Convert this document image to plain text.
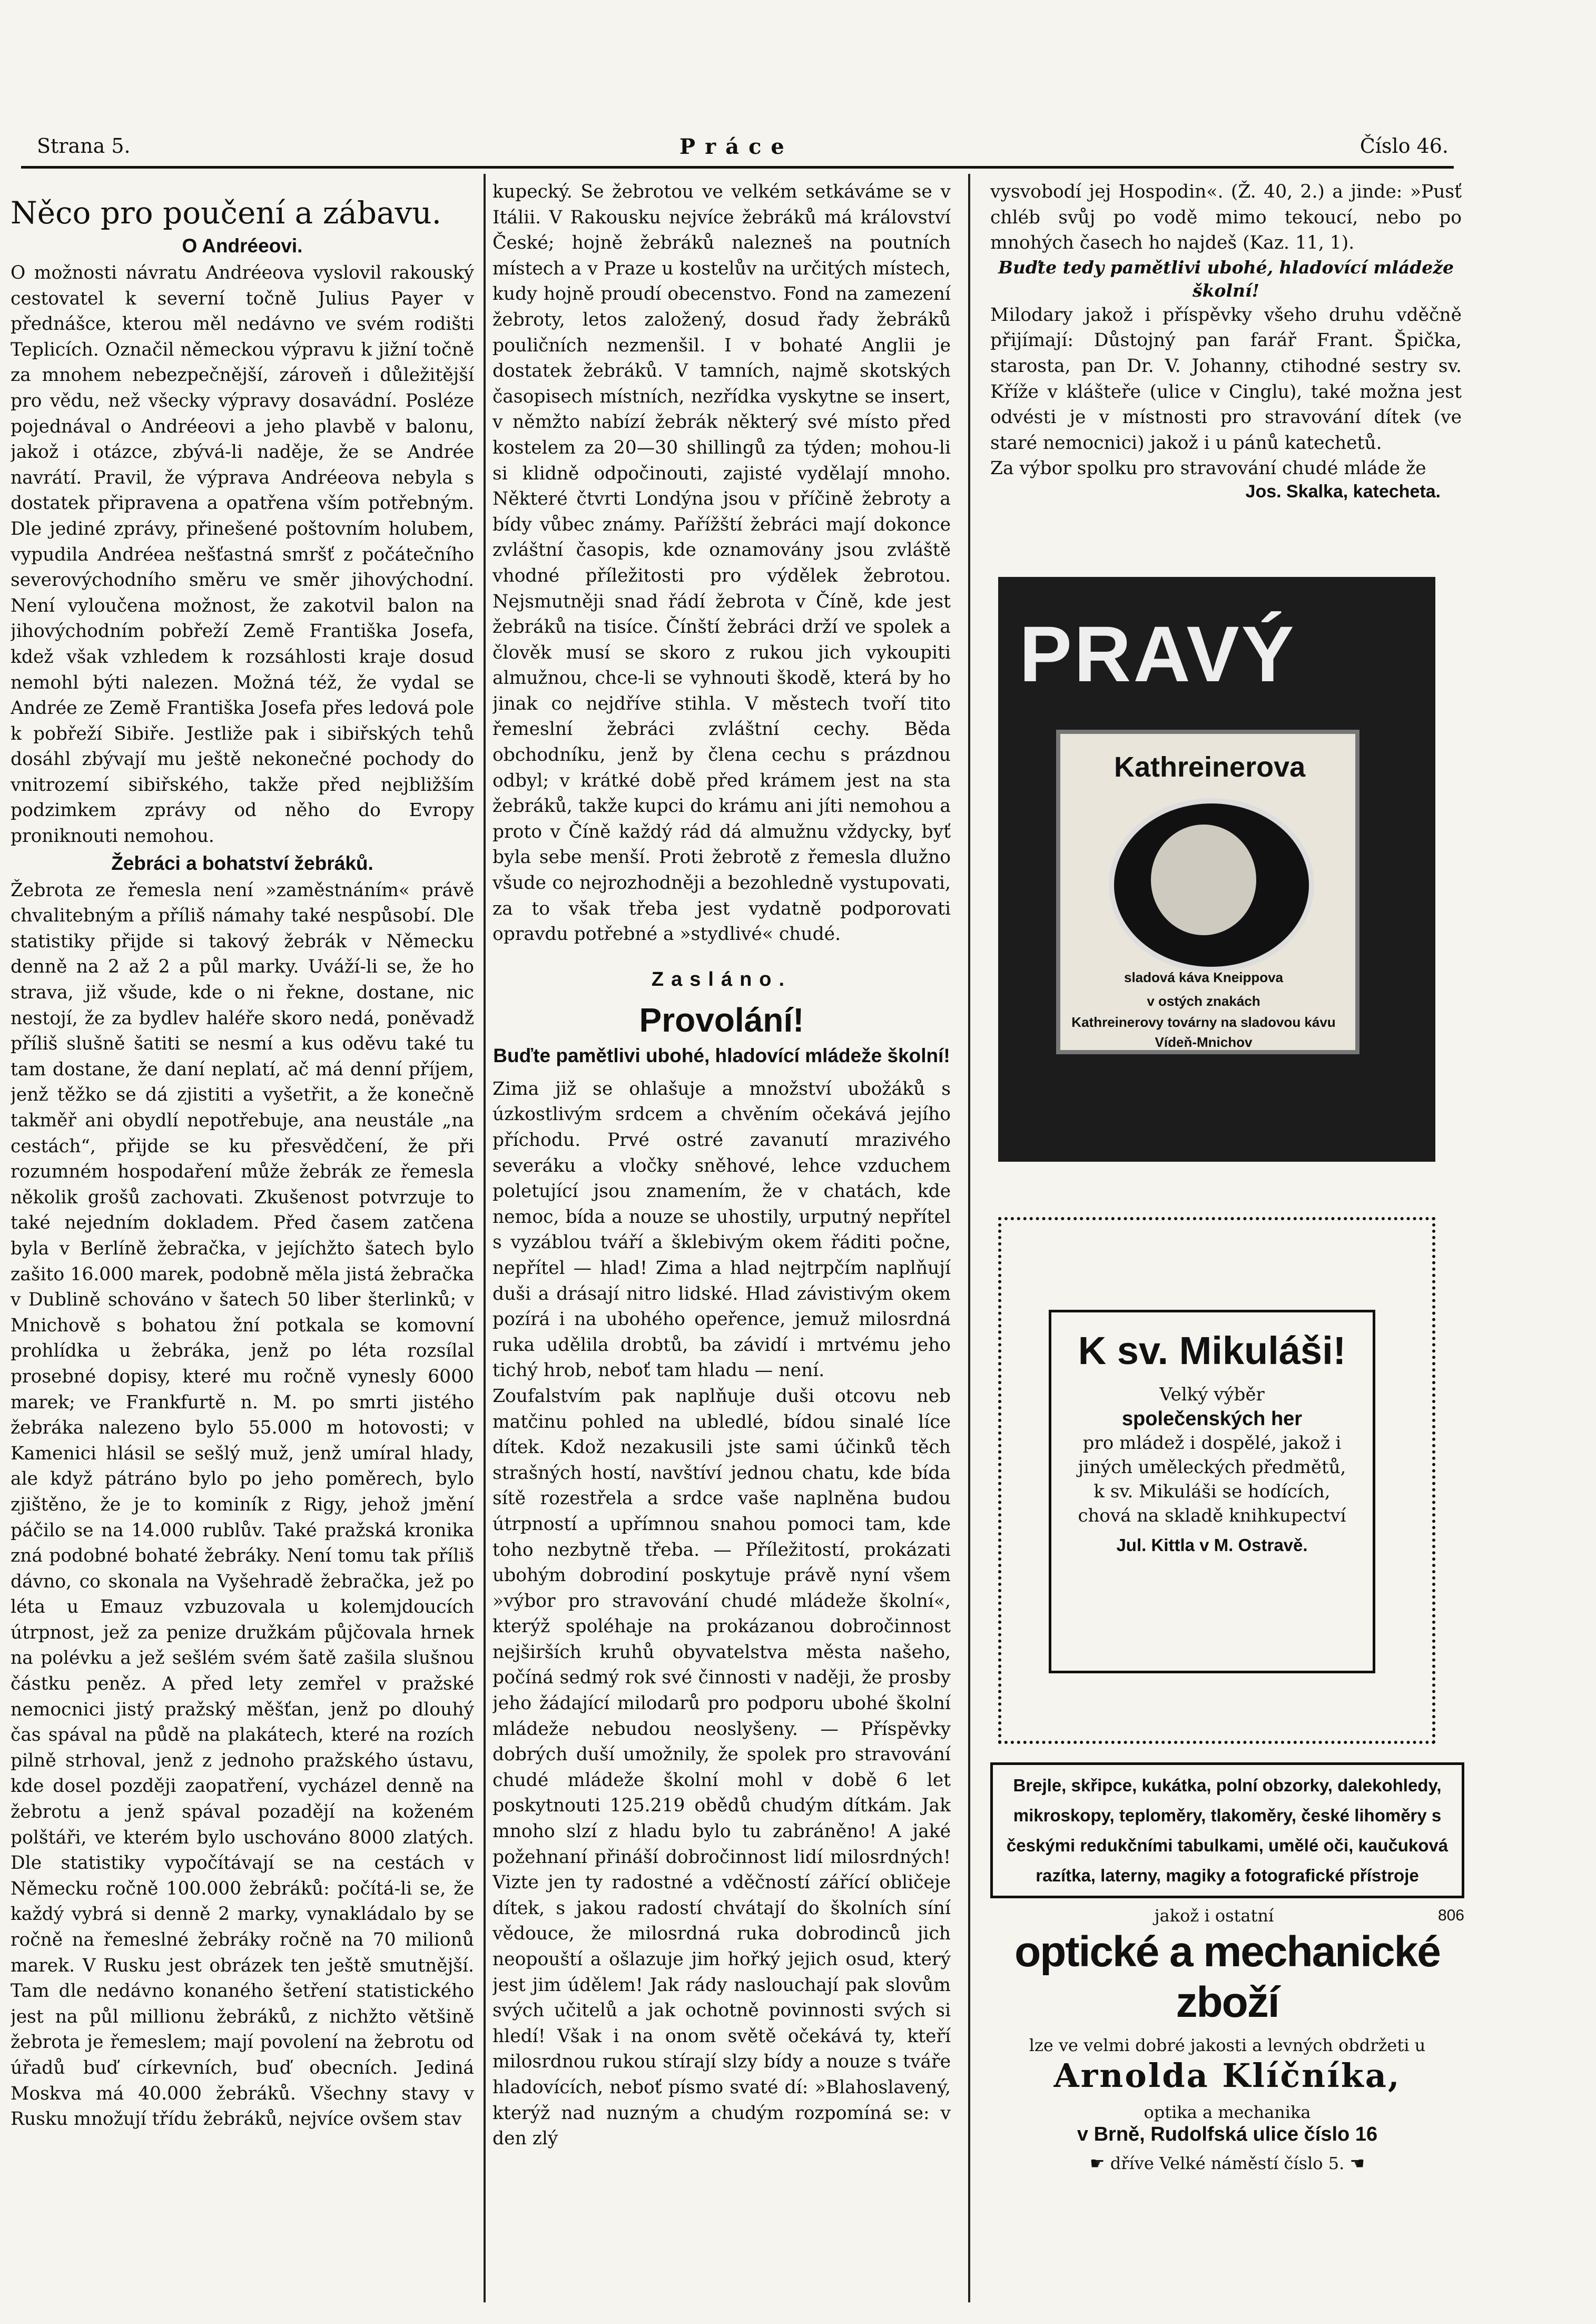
Strana 5.	Práce	Číslo 46.
Něco pro poučení a zábavu.
O Andréeovi.

O možnosti návratu Andréeova vyslovil rakouský cestovatel k severní točně Julius Payer v přednášce, kterou měl nedávno ve svém rodišti Teplicích. Označil německou výpravu k jižní točně za mnohem nebezpečnější, zároveň i důležitější pro vědu, než všecky výpravy dosavádní. Posléze pojednával o Andréeovi a jeho plavbě v balonu, jakož i otázce, zbývá-li naděje, že se Andrée navrátí. Pravil, že výprava Andréeova nebyla s dostatek připravena a opatřena vším potřebným. Dle jediné zprávy, přinešené poštovním holubem, vypudila Andréea nešťastná smršť z počátečního severovýchodního směru ve směr jihovýchodní. Není vyloučena možnost, že zakotvil balon na jihovýchodním pobřeží Země Františka Josefa, kdež však vzhledem k rozsáhlosti kraje dosud nemohl býti nalezen. Možná též, že vydal se Andrée ze Země Františka Josefa přes ledová pole k pobřeží Sibiře. Jestliže pak i sibiřských tehů dosáhl zbývají mu ještě nekonečné pochody do vnitrozemí sibiřského, takže před nejbližším podzimkem zprávy od něho do Evropy proniknouti nemohou.

Žebráci a bohatství žebráků.

Žebrota ze řemesla není »zaměstnáním« právě chvalitebným a příliš námahy také nespůsobí. Dle statistiky přijde si takový žebrák v Německu denně na 2 až 2 a půl marky. Uváží-li se, že ho strava, již všude, kde o ni řekne, dostane, nic nestojí, že za bydlev haléře skoro nedá, poněvadž příliš slušně šatiti se nesmí a kus oděvu také tu tam dostane, že daní neplatí, ač má denní příjem, jenž těžko se dá zjistiti a vyšetřit, a že konečně takměř ani obydlí nepotřebuje, ana neustále „na cestách“, přijde se ku přesvědčení, že při rozumném hospodaření může žebrák ze řemesla několik grošů zachovati. Zkušenost potvrzuje to také nejedním dokladem. Před časem zatčena byla v Berlíně žebračka, v jejíchžto šatech bylo zašito 16.000 marek, podobně měla jistá žebračka v Dublině schováno v šatech 50 liber šterlinků; v Mnichově s bohatou žní potkala se komovní prohlídka u žebráka, jenž po léta rozsílal prosebné dopisy, které mu ročně vynesly 6000 marek; ve Frankfurtě n. M. po smrti jistého žebráka nalezeno bylo 55.000 m hotovosti; v Kamenici hlásil se sešlý muž, jenž umíral hlady, ale když pátráno bylo po jeho poměrech, bylo zjištěno, že je to kominík z Rigy, jehož jmění páčilo se na 14.000 rublův. Také pražská kronika zná podobné bohaté žebráky. Není tomu tak příliš dávno, co skonala na Vyšehradě žebračka, jež po léta u Emauz vzbuzovala u kolemjdoucích útrpnost, jež za penize družkám půjčovala hrnek na polévku a jež sešlém svém šatě zašila slušnou částku peněz. A před lety zemřel v pražské nemocnici jistý pražský měšťan, jenž po dlouhý čas spával na půdě na plakátech, které na rozích pilně strhoval, jenž z jednoho pražského ústavu, kde dosel později zaopatření, vycházel denně na žebrotu a jenž spával pozadějí na koženém polštáři, ve kterém bylo uschováno 8000 zlatých. Dle statistiky vypočítávají se na cestách v Německu ročně 100.000 žebráků: počítá-li se, že každý vybrá si denně 2 marky, vynakládalo by se ročně na řemeslné žebráky ročně na 70 milionů marek. V Rusku jest obrázek ten ještě smutnější. Tam dle nedávno konaného šetření statistického jest na půl millionu žebráků, z nichžto většině žebrota je řemeslem; mají povolení na žebrotu od úřadů buď církevních, buď obecních. Jediná Moskva má 40.000 žebráků. Všechny stavy v Rusku množují třídu žebráků, nejvíce ovšem stav

kupecký. Se žebrotou ve velkém setkáváme se v Itálii. V Rakousku nejvíce žebráků má království České; hojně žebráků nalezneš na poutních místech a v Praze u kostelův na určitých místech, kudy hojně proudí obecenstvo. Fond na zamezení žebroty, letos založený, dosud řady žebráků pouličních nezmenšil. I v bohaté Anglii je dostatek žebráků. V tamních, najmě skotských časopisech místních, nezřídka vyskytne se insert, v němžto nabízí žebrák některý své místo před kostelem za 20—30 shillingů za týden; mohou-li si klidně odpočinouti, zajisté vydělají mnoho. Některé čtvrti Londýna jsou v příčině žebroty a bídy vůbec známy. Pařížští žebráci mají dokonce zvláštní časopis, kde oznamovány jsou zvláště vhodné příležitosti pro výdělek žebrotou. Nejsmutněji snad řádí žebrota v Číně, kde jest žebráků na tisíce. Čínští žebráci drží ve spolek a člověk musí se skoro z rukou jich vykoupiti almužnou, chce-li se vyhnouti škodě, která by ho jinak co nejdříve stihla. V městech tvoří tito řemeslní žebráci zvláštní cechy. Běda obchodníku, jenž by člena cechu s prázdnou odbyl; v krátké době před krámem jest na sta žebráků, takže kupci do krámu ani jíti nemohou a proto v Číně každý rád dá almužnu vždycky, byť byla sebe menší. Proti žebrotě z řemesla dlužno všude co nejrozhodněji a bezohledně vystupovati, za to však třeba jest vydatně podporovati opravdu potřebné a »stydlivé« chudé.

Zasláno.
Provolání!
Buďte pamětlivi ubohé, hladovící mládeže školní!

Zima již se ohlašuje a množství ubožáků s úzkostlivým srdcem a chvěním očekává jejího příchodu. Prvé ostré zavanutí mrazivého severáku a vločky sněhové, lehce vzduchem poletující jsou znamením, že v chatách, kde nemoc, bída a nouze se uhostily, urputný nepřítel s vyzáblou tváří a šklebivým okem řáditi počne, nepřítel — hlad! Zima a hlad nejtrpčím naplňují duši a drásají nitro lidské. Hlad závistivým okem pozírá i na ubohého opeřence, jemuž milosrdná ruka udělila drobtů, ba závidí i mrtvému jeho tichý hrob, neboť tam hladu — není.

Zoufalstvím pak naplňuje duši otcovu neb matčinu pohled na ubledlé, bídou sinalé líce dítek. Kdož nezakusili jste sami účinků těch strašných hostí, navštíví jednou chatu, kde bída sítě rozestřela a srdce vaše naplněna budou útrpností a upřímnou snahou pomoci tam, kde toho nezbytně třeba. — Příležitostí, prokázati ubohým dobrodiní poskytuje právě nyní všem »výbor pro stravování chudé mládeže školní«, kterýž spoléhaje na prokázanou dobročinnost nejširších kruhů obyvatelstva města našeho, počíná sedmý rok své činnosti v naději, že prosby jeho žádající milodarů pro podporu ubohé školní mládeže nebudou neoslyšeny. — Příspěvky dobrých duší umožnily, že spolek pro stravování chudé mládeže školní mohl v době 6 let poskytnouti 125.219 obědů chudým dítkám. Jak mnoho slzí z hladu bylo tu zabráněno! A jaké požehnaní přináší dobročinnost lidí milosrdných! Vizte jen ty radostné a vděčností zářící obličeje dítek, s jakou radostí chvátají do školních síní vědouce, že milosrdná ruka dobrodinců jich neopouští a ošlazuje jim hořký jejich osud, který jest jim údělem! Jak rády naslouchají pak slovům svých učitelů a jak ochotně povinnosti svých si hledí! Však i na onom světě očekává ty, kteří milosrdnou rukou stírají slzy bídy a nouze s tváře hladovících, neboť písmo svaté dí: »Blahoslavený, kterýž nad nuzným a chudým rozpomíná se: v den zlý

vysvobodí jej Hospodin«. (Ž. 40, 2.) a jinde: »Pusť chléb svůj po vodě mimo tekoucí, nebo po mnohých časech ho najdeš (Kaz. 11, 1).

Buďte tedy pamětlivi ubohé, hladovící mládeže školní!

Milodary jakož i příspěvky všeho druhu vděčně přijímají: Důstojný pan farář Frant. Špička, starosta, pan Dr. V. Johanny, ctihodné sestry sv. Kříže v klášteře (ulice v Cinglu), také možna jest odvésti je v místnosti pro stravování dítek (ve staré nemocnici) jakož i u pánů katechetů.

Za výbor spolku pro stravování chudé mláde že

Jos. Skalka, katecheta.
PRAVÝ
Kathreinerova
sladová káva Kneippova
v ostých znakách
Kathreinerovy továrny na sladovou kávu
Vídeň-Mnichov
K sv. Mikuláši!
Velký výběr
společenských her
pro mládež i dospělé, jakož i jiných uměleckých předmětů, k sv. Mikuláši se hodících, chová na skladě knihkupectví
Jul. Kittla v M. Ostravě.
Brejle, skřipce, kukátka, polní obzorky, dalekohledy, mikroskopy, teploměry, tlakoměry, české lihoměry s českými redukčními tabulkami, umělé oči, kaučuková razítka, laterny, magiky a fotografické přístroje
jakož i ostatní	806
optické a mechanické zboží
lze ve velmi dobré jakosti a levných obdržeti u
Arnolda Klíčníka,
optika a mechanika
v Brně, Rudolfská ulice číslo 16
☛ dříve Velké náměstí číslo 5. ☚
